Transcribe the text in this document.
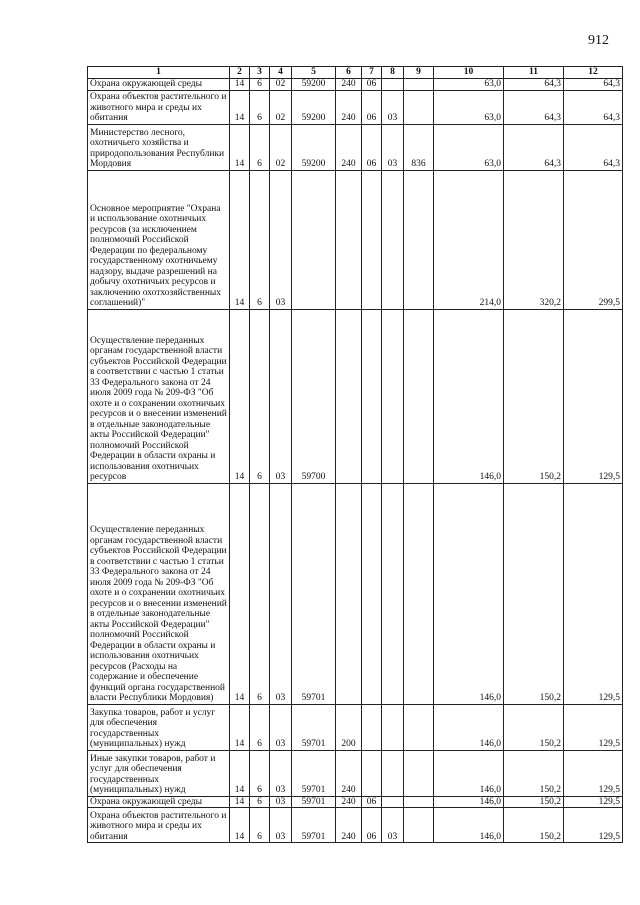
912
1	2	3	4	5	6	7	8	9	10	11	12
Охрана окружающей среды	14	6	02	59200	240	06			63,0	64,3	64,3
Охрана объектов растительного и животного мира и среды их обитания	14	6	02	59200	240	06	03		63,0	64,3	64,3
Министерство лесного, охотничьего хозяйства и природопользования Республики Мордовия	14	6	02	59200	240	06	03	836	63,0	64,3	64,3
Основное мероприятие "Охрана и использование охотничьих ресурсов (за исключением полномочий Российской Федерации по федеральному государственному охотничьему надзору, выдаче разрешений на добычу охотничьих ресурсов и заключению охотхозяйственных соглашений)"	14	6	03						214,0	320,2	299,5
Осуществление переданных органам государственной власти субъектов Российской Федерации в соответствии с частью 1 статьи 33 Федерального закона от 24 июля 2009 года № 209-ФЗ "Об охоте и о сохранении охотничьих ресурсов и о внесении изменений в отдельные законодательные акты Российской Федерации" полномочий Российской Федерации в области охраны и использования охотничьих ресурсов	14	6	03	59700					146,0	150,2	129,5
Осуществление переданных органам государственной власти субъектов Российской Федерации в соответствии с частью 1 статьи 33 Федерального закона от 24 июля 2009 года № 209-ФЗ "Об охоте и о сохранении охотничьих ресурсов и о внесении изменений в отдельные законодательные акты Российской Федерации" полномочий Российской Федерации в области охраны и использования охотничьих ресурсов (Расходы на содержание и обеспечение функций органа государственной власти Республики Мордовия)	14	6	03	59701					146,0	150,2	129,5
Закупка товаров, работ и услуг для обеспечения государственных (муниципальных) нужд	14	6	03	59701	200				146,0	150,2	129,5
Иные закупки товаров, работ и услуг для обеспечения государственных (муниципальных) нужд	14	6	03	59701	240				146,0	150,2	129,5
Охрана окружающей среды	14	6	03	59701	240	06			146,0	150,2	129,5
Охрана объектов растительного и животного мира и среды их обитания	14	6	03	59701	240	06	03		146,0	150,2	129,5
